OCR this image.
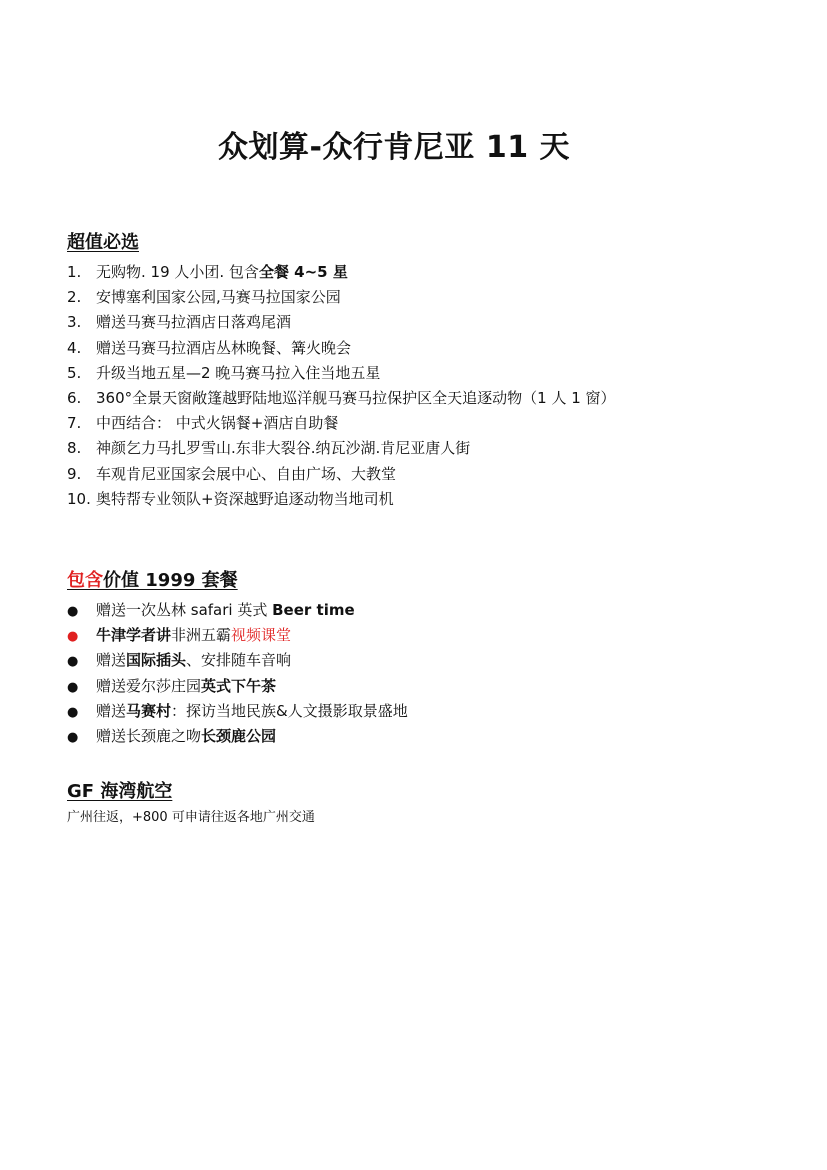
众划算-众行肯尼亚 11 天
超值必选
1. 无购物. 19 人小团. 包含全餐 4~5 星
2. 安博塞利国家公园,马赛马拉国家公园
3. 赠送马赛马拉酒店日落鸡尾酒
4. 赠送马赛马拉酒店丛林晚餐、篝火晚会
5. 升级当地五星—2 晚马赛马拉入住当地五星
6. 360°全景天窗敞篷越野陆地巡洋舰马赛马拉保护区全天追逐动物（1 人 1 窗）
7. 中西结合： 中式火锅餐+酒店自助餐
8. 神颜乞力马扎罗雪山.东非大裂谷.纳瓦沙湖.肯尼亚唐人街
9. 车观肯尼亚国家会展中心、自由广场、大教堂
10. 奥特帮专业领队+资深越野追逐动物当地司机
包含价值 1999 套餐
● 赠送一次丛林 safari 英式 Beer time
● 牛津学者讲非洲五霸视频课堂
● 赠送国际插头、安排随车音响
● 赠送爱尔莎庄园英式下午茶
● 赠送马赛村：探访当地民族&人文摄影取景盛地
● 赠送长颈鹿之吻长颈鹿公园
GF 海湾航空

广州往返，+800 可申请往返各地广州交通
